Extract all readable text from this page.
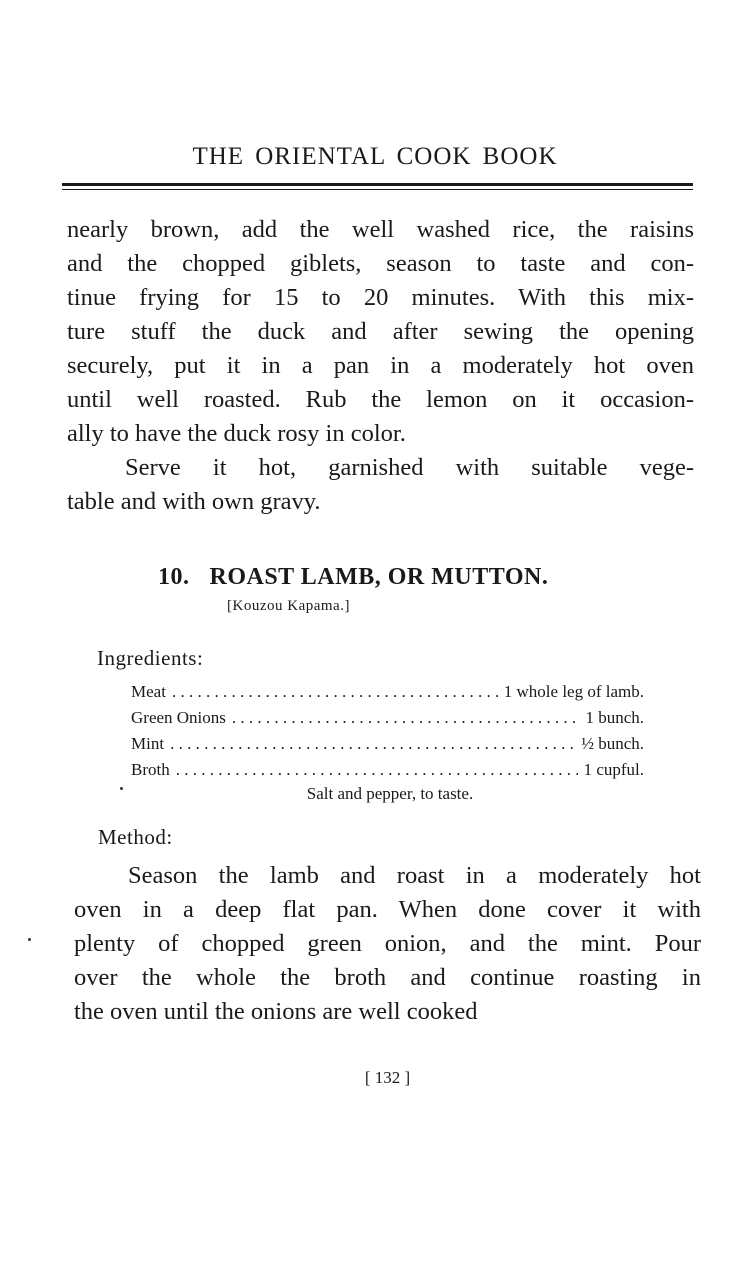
THE ORIENTAL COOK BOOK
nearly brown, add the well washed rice, the raisins
and the chopped giblets, season to taste and con-
tinue frying for 15 to 20 minutes. With this mix-
ture stuff the duck and after sewing the opening
securely, put it in a pan in a moderately hot oven
until well roasted. Rub the lemon on it occasion-
ally to have the duck rosy in color.
Serve it hot, garnished with suitable vege-
table and with own gravy.
10. ROAST LAMB, OR MUTTON.
[Kouzou Kapama.]
Ingredients:
Meat . . .	1 whole leg of lamb.
Green Onions . . .	1 bunch.
Mint . . .	½ bunch.
Broth . . .	1 cupful.
Salt and pepper, to taste.
Method:
Season the lamb and roast in a moderately hot
oven in a deep flat pan. When done cover it with
plenty of chopped green onion, and the mint. Pour
over the whole the broth and continue roasting in
the oven until the onions are well cooked
[ 132 ]
